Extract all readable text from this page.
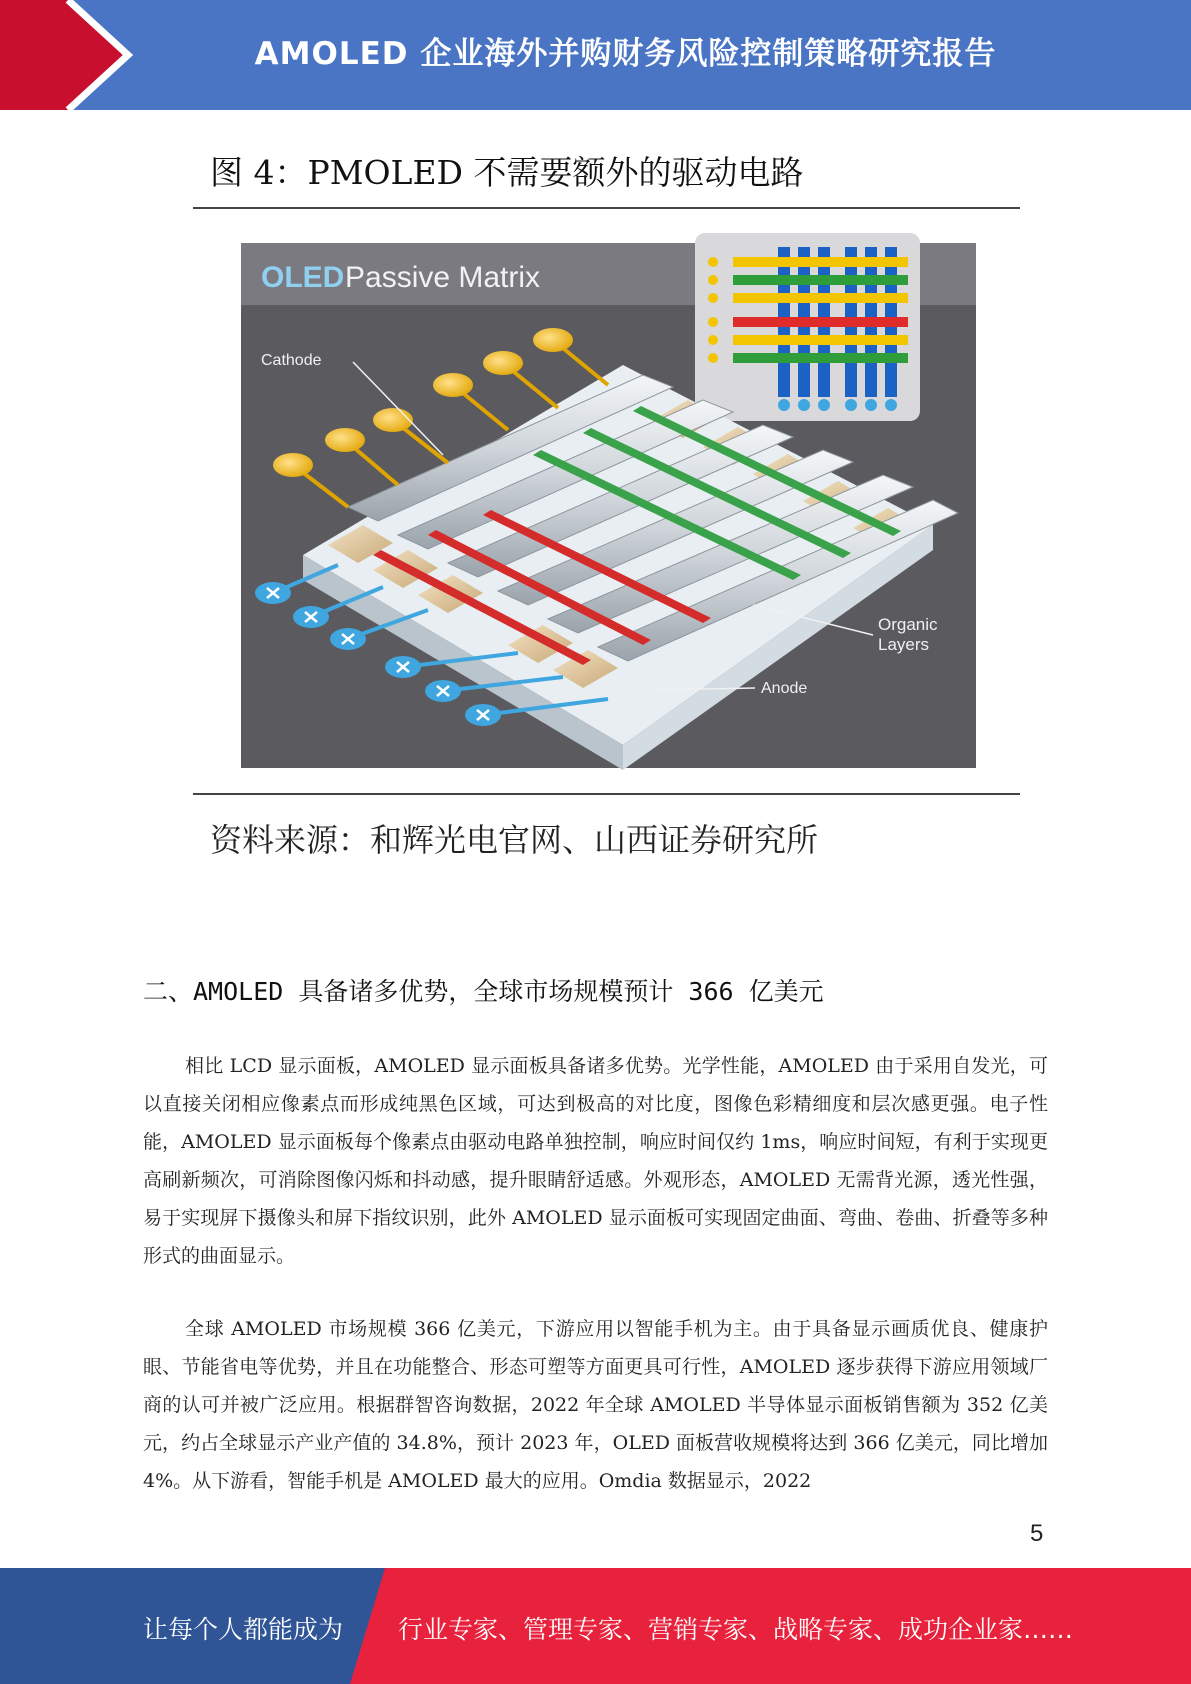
AMOLED 企业海外并购财务风险控制策略研究报告
图 4：PMOLED 不需要额外的驱动电路
OLED Passive Matrix
Cathode
Organic
Layers
Anode
资料来源：和辉光电官网、山西证券研究所
二、AMOLED 具备诸多优势，全球市场规模预计 366 亿美元

相比 LCD 显示面板，AMOLED 显示面板具备诸多优势。光学性能，AMOLED 由于采用自发光，可以直接关闭相应像素点而形成纯黑色区域，可达到极高的对比度，图像色彩精细度和层次感更强。电子性能，AMOLED 显示面板每个像素点由驱动电路单独控制，响应时间仅约 1ms，响应时间短，有利于实现更高刷新频次，可消除图像闪烁和抖动感，提升眼睛舒适感。外观形态，AMOLED 无需背光源，透光性强，易于实现屏下摄像头和屏下指纹识别，此外 AMOLED 显示面板可实现固定曲面、弯曲、卷曲、折叠等多种形式的曲面显示。

全球 AMOLED 市场规模 366 亿美元，下游应用以智能手机为主。由于具备显示画质优良、健康护眼、节能省电等优势，并且在功能整合、形态可塑等方面更具可行性，AMOLED 逐步获得下游应用领域厂商的认可并被广泛应用。根据群智咨询数据，2022 年全球 AMOLED 半导体显示面板销售额为 352 亿美元，约占全球显示产业产值的 34.8%，预计 2023 年，OLED 面板营收规模将达到 366 亿美元，同比增加 4%。从下游看，智能手机是 AMOLED 最大的应用。Omdia 数据显示，2022

5
让每个人都能成为 行业专家、管理专家、营销专家、战略专家、成功企业家……
